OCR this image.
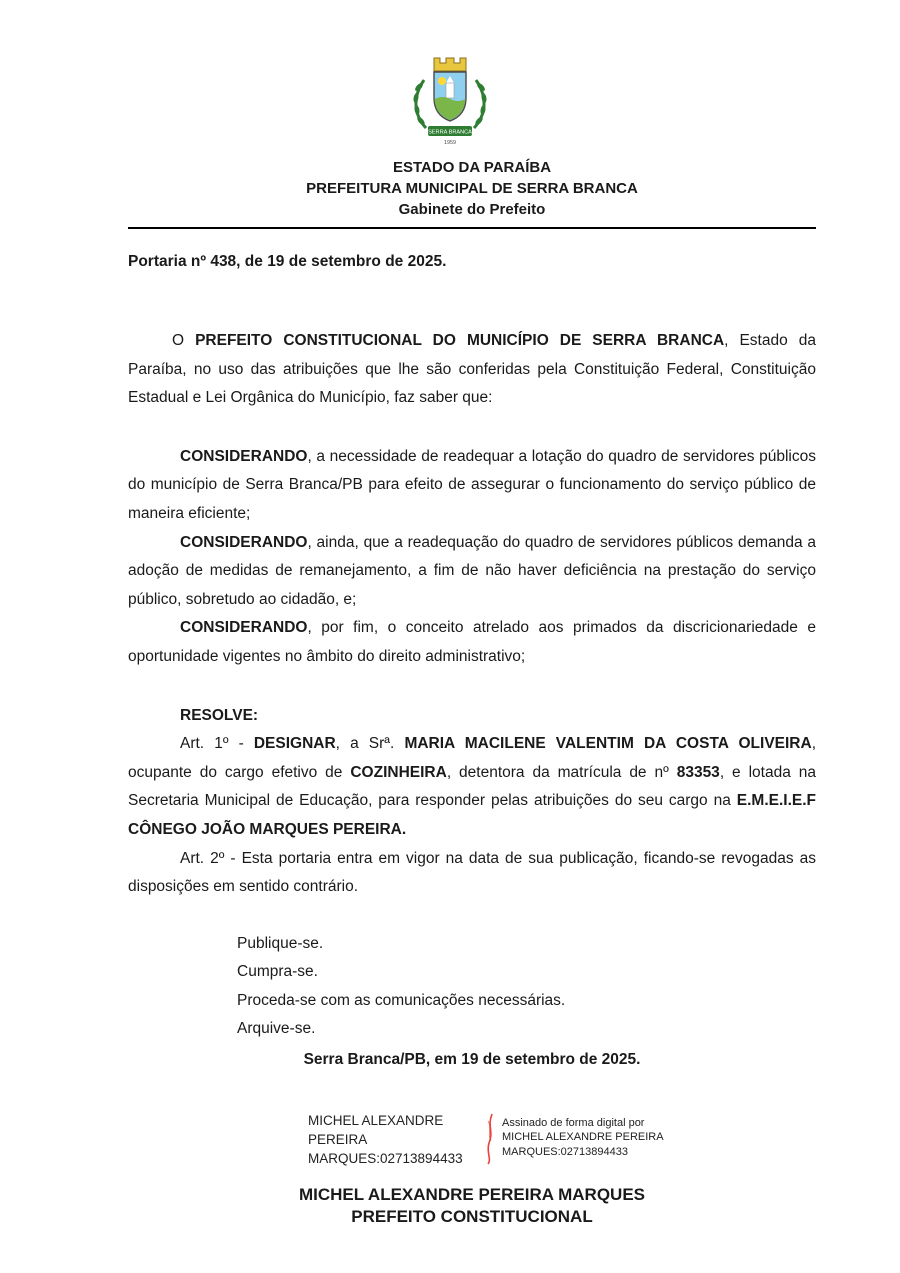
SERRA BRANCA
1959
ESTADO DA PARAÍBA
PREFEITURA MUNICIPAL DE SERRA BRANCA
Gabinete do Prefeito

Portaria nº 438, de 19 de setembro de 2025.

O PREFEITO CONSTITUCIONAL DO MUNICÍPIO DE SERRA BRANCA, Estado da Paraíba, no uso das atribuições que lhe são conferidas pela Constituição Federal, Constituição Estadual e Lei Orgânica do Município, faz saber que:

CONSIDERANDO, a necessidade de readequar a lotação do quadro de servidores públicos do município de Serra Branca/PB para efeito de assegurar o funcionamento do serviço público de maneira eficiente;

CONSIDERANDO, ainda, que a readequação do quadro de servidores públicos demanda a adoção de medidas de remanejamento, a fim de não haver deficiência na prestação do serviço público, sobretudo ao cidadão, e;

CONSIDERANDO, por fim, o conceito atrelado aos primados da discricionariedade e oportunidade vigentes no âmbito do direito administrativo;

RESOLVE:

Art. 1º - DESIGNAR, a Srª. MARIA MACILENE VALENTIM DA COSTA OLIVEIRA, ocupante do cargo efetivo de COZINHEIRA, detentora da matrícula de nº 83353, e lotada na Secretaria Municipal de Educação, para responder pelas atribuições do seu cargo na E.M.E.I.E.F CÔNEGO JOÃO MARQUES PEREIRA.

Art. 2º - Esta portaria entra em vigor na data de sua publicação, ficando-se revogadas as disposições em sentido contrário.

Publique-se.
Cumpra-se.
Proceda-se com as comunicações necessárias.
Arquive-se.
Serra Branca/PB, em 19 de setembro de 2025.
MICHEL ALEXANDRE
PEREIRA
MARQUES:02713894433
Assinado de forma digital por
MICHEL ALEXANDRE PEREIRA
MARQUES:02713894433
MICHEL ALEXANDRE PEREIRA MARQUES
PREFEITO CONSTITUCIONAL
